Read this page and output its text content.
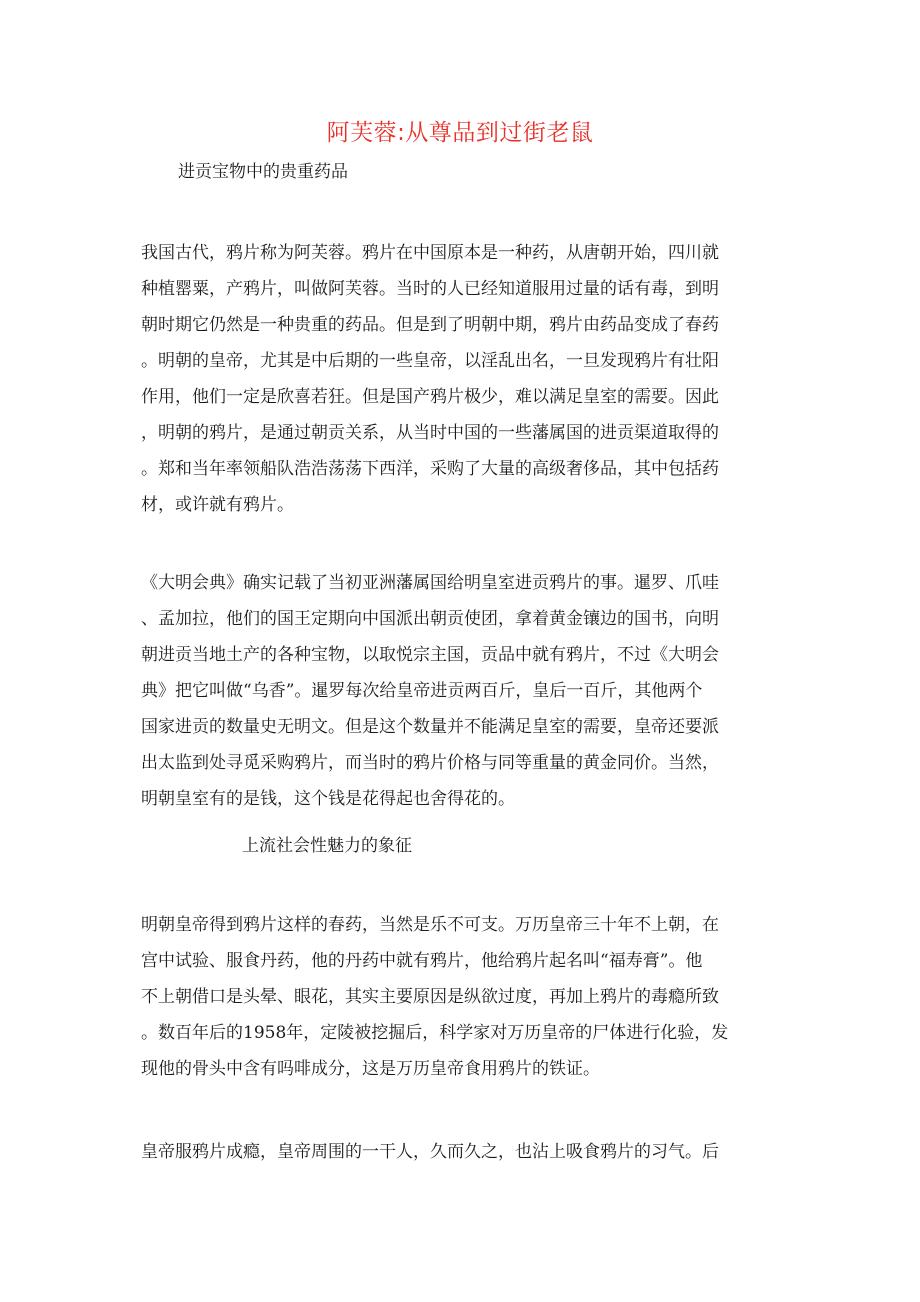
阿芙蓉:从尊品到过街老鼠
进贡宝物中的贵重药品
我国古代，鸦片称为阿芙蓉。鸦片在中国原本是一种药，从唐朝开始，四川就
种植罂粟，产鸦片，叫做阿芙蓉。当时的人已经知道服用过量的话有毒，到明
朝时期它仍然是一种贵重的药品。但是到了明朝中期，鸦片由药品变成了春药
。明朝的皇帝，尤其是中后期的一些皇帝，以淫乱出名，一旦发现鸦片有壮阳
作用，他们一定是欣喜若狂。但是国产鸦片极少，难以满足皇室的需要。因此
，明朝的鸦片，是通过朝贡关系，从当时中国的一些藩属国的进贡渠道取得的
。郑和当年率领船队浩浩荡荡下西洋，采购了大量的高级奢侈品，其中包括药
材，或许就有鸦片。
《大明会典》确实记载了当初亚洲藩属国给明皇室进贡鸦片的事。暹罗、爪哇
、孟加拉，他们的国王定期向中国派出朝贡使团，拿着黄金镶边的国书，向明
朝进贡当地土产的各种宝物，以取悦宗主国，贡品中就有鸦片，不过《大明会
典》把它叫做“乌香”。暹罗每次给皇帝进贡两百斤，皇后一百斤，其他两个
国家进贡的数量史无明文。但是这个数量并不能满足皇室的需要，皇帝还要派
出太监到处寻觅采购鸦片，而当时的鸦片价格与同等重量的黄金同价。当然，
明朝皇室有的是钱，这个钱是花得起也舍得花的。
上流社会性魅力的象征
明朝皇帝得到鸦片这样的春药，当然是乐不可支。万历皇帝三十年不上朝，在
宫中试验、服食丹药，他的丹药中就有鸦片，他给鸦片起名叫“福寿膏”。他
不上朝借口是头晕、眼花，其实主要原因是纵欲过度，再加上鸦片的毒瘾所致
。数百年后的1958年，定陵被挖掘后，科学家对万历皇帝的尸体进行化验，发
现他的骨头中含有吗啡成分，这是万历皇帝食用鸦片的铁证。
皇帝服鸦片成瘾，皇帝周围的一干人，久而久之，也沾上吸食鸦片的习气。后
